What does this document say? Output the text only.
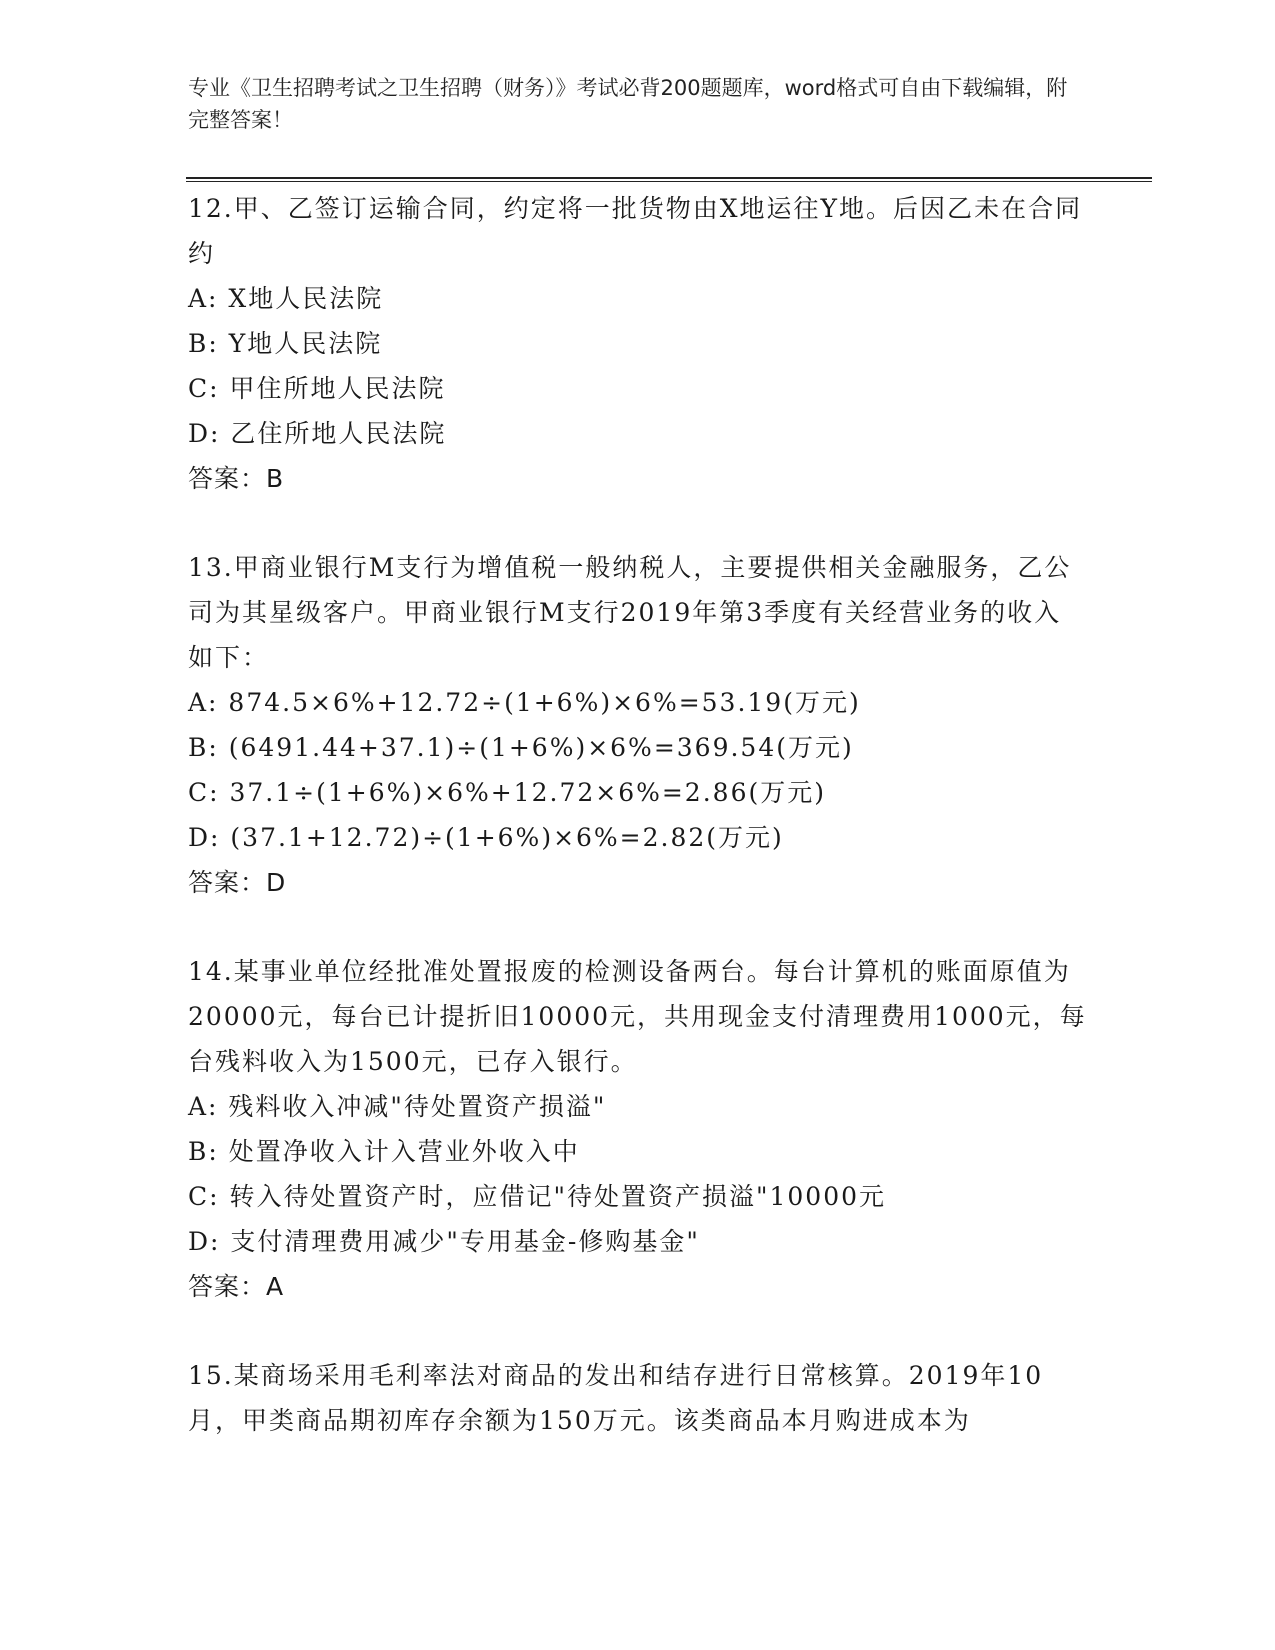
专业《卫生招聘考试之卫生招聘（财务）》考试必背200题题库，word格式可自由下载编辑，附完整答案！

12.甲、乙签订运输合同，约定将一批货物由X地运往Y地。后因乙未在合同约

A: X地人民法院

B: Y地人民法院

C: 甲住所地人民法院

D: 乙住所地人民法院

答案：B

13.甲商业银行M支行为增值税一般纳税人，主要提供相关金融服务，乙公司为其星级客户。甲商业银行M支行2019年第3季度有关经营业务的收入如下：

A: 874.5×6%+12.72÷(1+6%)×6%=53.19(万元)

B: (6491.44+37.1)÷(1+6%)×6%=369.54(万元)

C: 37.1÷(1+6%)×6%+12.72×6%=2.86(万元)

D: (37.1+12.72)÷(1+6%)×6%=2.82(万元)

答案：D

14.某事业单位经批准处置报废的检测设备两台。每台计算机的账面原值为20000元，每台已计提折旧10000元，共用现金支付清理费用1000元，每台残料收入为1500元，已存入银行。

A: 残料收入冲减"待处置资产损溢"

B: 处置净收入计入营业外收入中

C: 转入待处置资产时，应借记"待处置资产损溢"10000元

D: 支付清理费用减少"专用基金-修购基金"

答案：A

15.某商场采用毛利率法对商品的发出和结存进行日常核算。2019年10月，甲类商品期初库存余额为150万元。该类商品本月购进成本为
